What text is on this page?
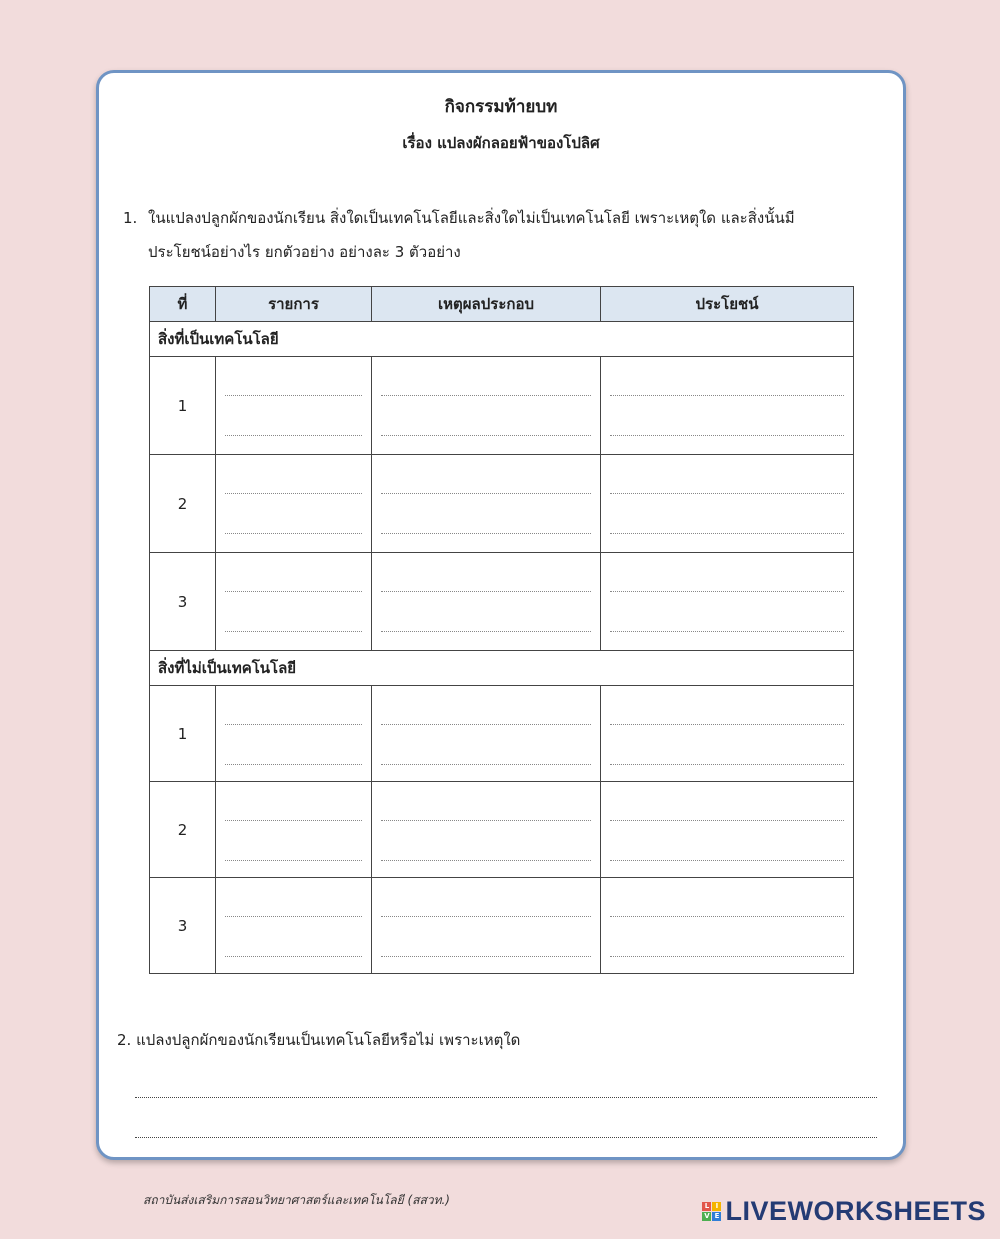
กิจกรรมท้ายบท
เรื่อง แปลงผักลอยฟ้าของโปลิศ
1. ในแปลงปลูกผักของนักเรียน สิ่งใดเป็นเทคโนโลยีและสิ่งใดไม่เป็นเทคโนโลยี เพราะเหตุใด และสิ่งนั้นมี
ประโยชน์อย่างไร ยกตัวอย่าง อย่างละ 3 ตัวอย่าง
ที่	รายการ	เหตุผลประกอบ	ประโยชน์
สิ่งที่เป็นเทคโนโลยี			
1	

2	

3	

สิ่งที่ไม่เป็นเทคโนโลยี			
1	

2	

3	

2. แปลงปลูกผักของนักเรียนเป็นเทคโนโลยีหรือไม่ เพราะเหตุใด
สถาบันส่งเสริมการสอนวิทยาศาสตร์และเทคโนโลยี (สสวท.)	L I
V E LIVEWORKSHEETS
